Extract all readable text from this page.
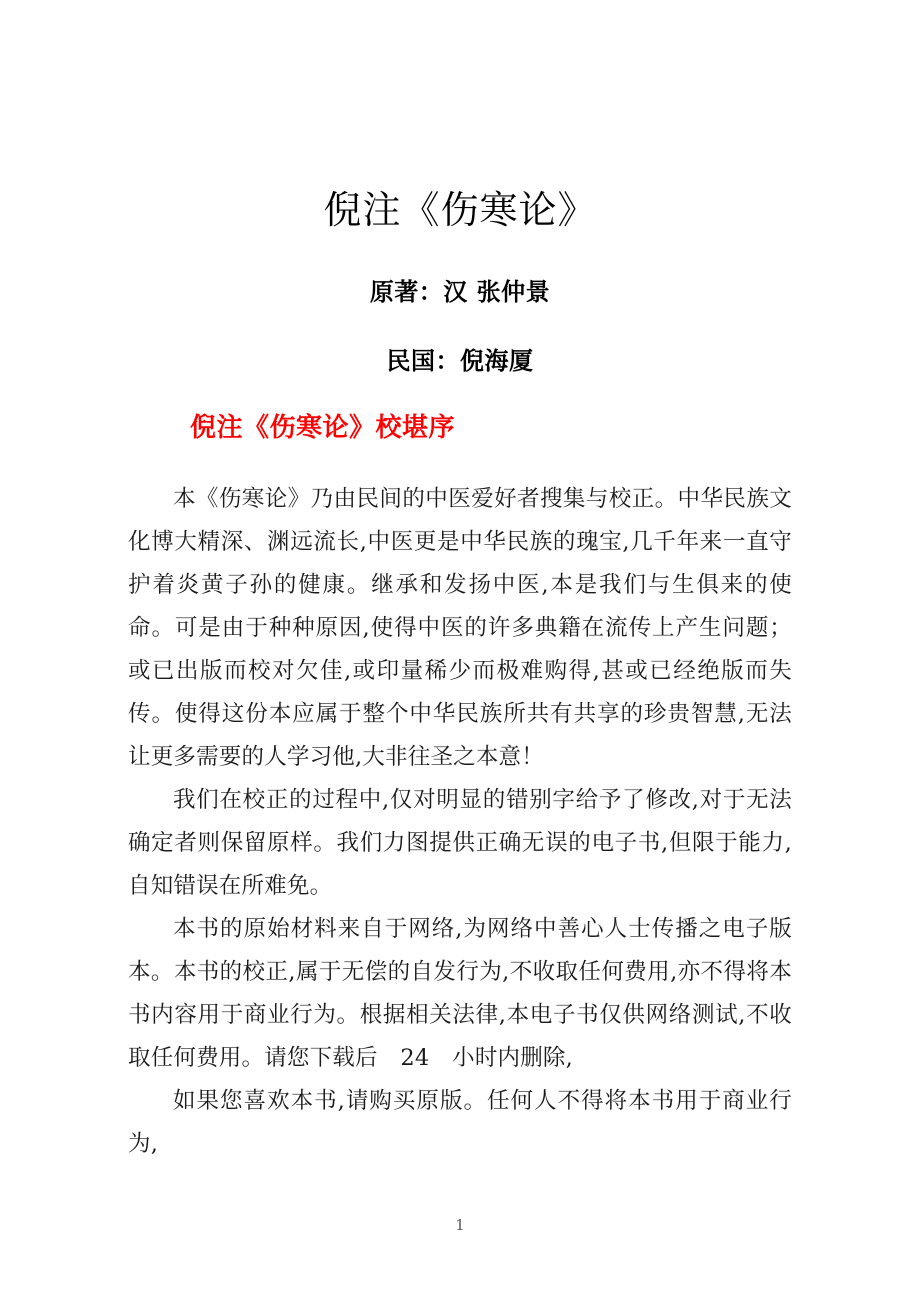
倪注《伤寒论》
原著：汉 张仲景
民国：倪海厦
倪注《伤寒论》校堪序

本《伤寒论》乃由民间的中医爱好者搜集与校正。中华民族文化博大精深、渊远流长,中医更是中华民族的瑰宝,几千年来一直守护着炎黄子孙的健康。继承和发扬中医,本是我们与生俱来的使命。可是由于种种原因,使得中医的许多典籍在流传上产生问题；或已出版而校对欠佳,或印量稀少而极难购得,甚或已经绝版而失传。使得这份本应属于整个中华民族所共有共享的珍贵智慧,无法让更多需要的人学习他,大非往圣之本意！

我们在校正的过程中,仅对明显的错别字给予了修改,对于无法确定者则保留原样。我们力图提供正确无误的电子书,但限于能力,自知错误在所难免。

本书的原始材料来自于网络,为网络中善心人士传播之电子版本。本书的校正,属于无偿的自发行为,不收取任何费用,亦不得将本书内容用于商业行为。根据相关法律,本电子书仅供网络测试,不收取任何费用。请您下载后　24　小时内删除,

如果您喜欢本书,请购买原版。任何人不得将本书用于商业行为,

1
